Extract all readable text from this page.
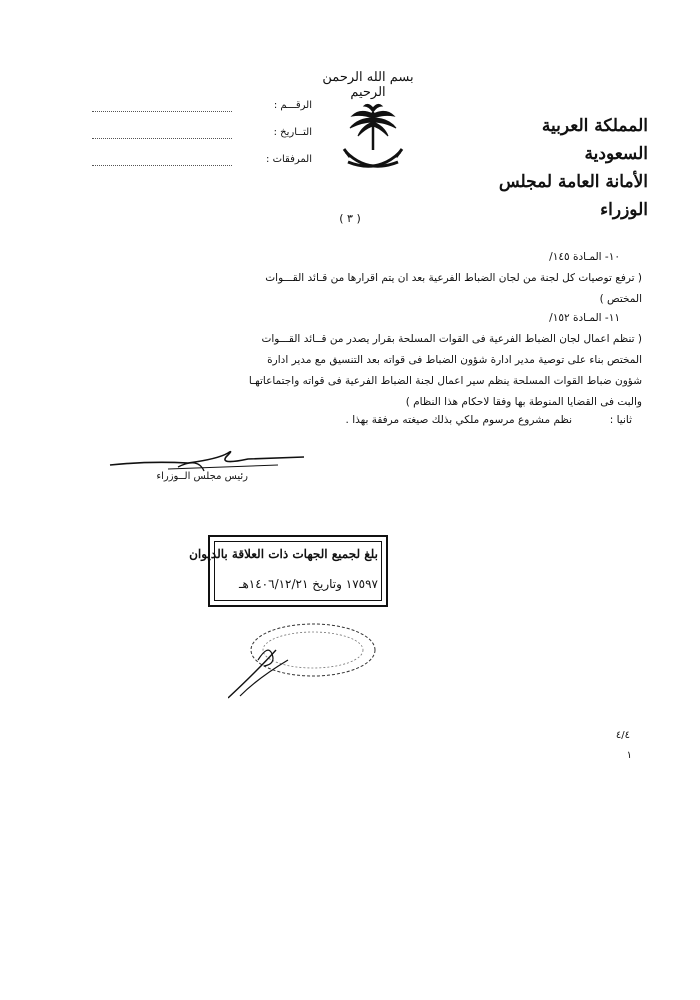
بسم الله الرحمن الرحيم
المملكة العربية السعودية
الأمانة العامة لمجلس الوزراء
الرقـــم :
التــاريخ :
المرفقات :
( ٣ )
١٠- المـادة ١٤٥/
( ترفع توصيات كل لجنة من لجان الضباط الفرعية بعد ان يتم اقرارها من قـائد القـــوات
المختص )
١١- المـادة ١٥٢/
( تنظم اعمال لجان الضباط الفرعية فى القوات المسلحة بقرار يصدر من قــائد القـــوات
المختص بناء على توصية مدير ادارة شؤون الضباط فى قواته بعد التنسيق مع مدير ادارة
شؤون ضباط القوات المسلحة ينظم سير اعمال لجنة الضباط الفرعية فى قواته واجتماعاتهـا
والبت فى القضايا المنوطة بها وفقا لاحكام هذا النظام )
ثانيا :
نظم مشروع مرسوم ملكي بذلك صيغته مرفقة بهذا .
رئيس مجلس الــوزراء
بلغ لجميع الجهات ذات العلاقة بالديوان
١٧٥٩٧ وتاريخ ١٤٠٦/١٢/٢١هـ
٤/٤
١
